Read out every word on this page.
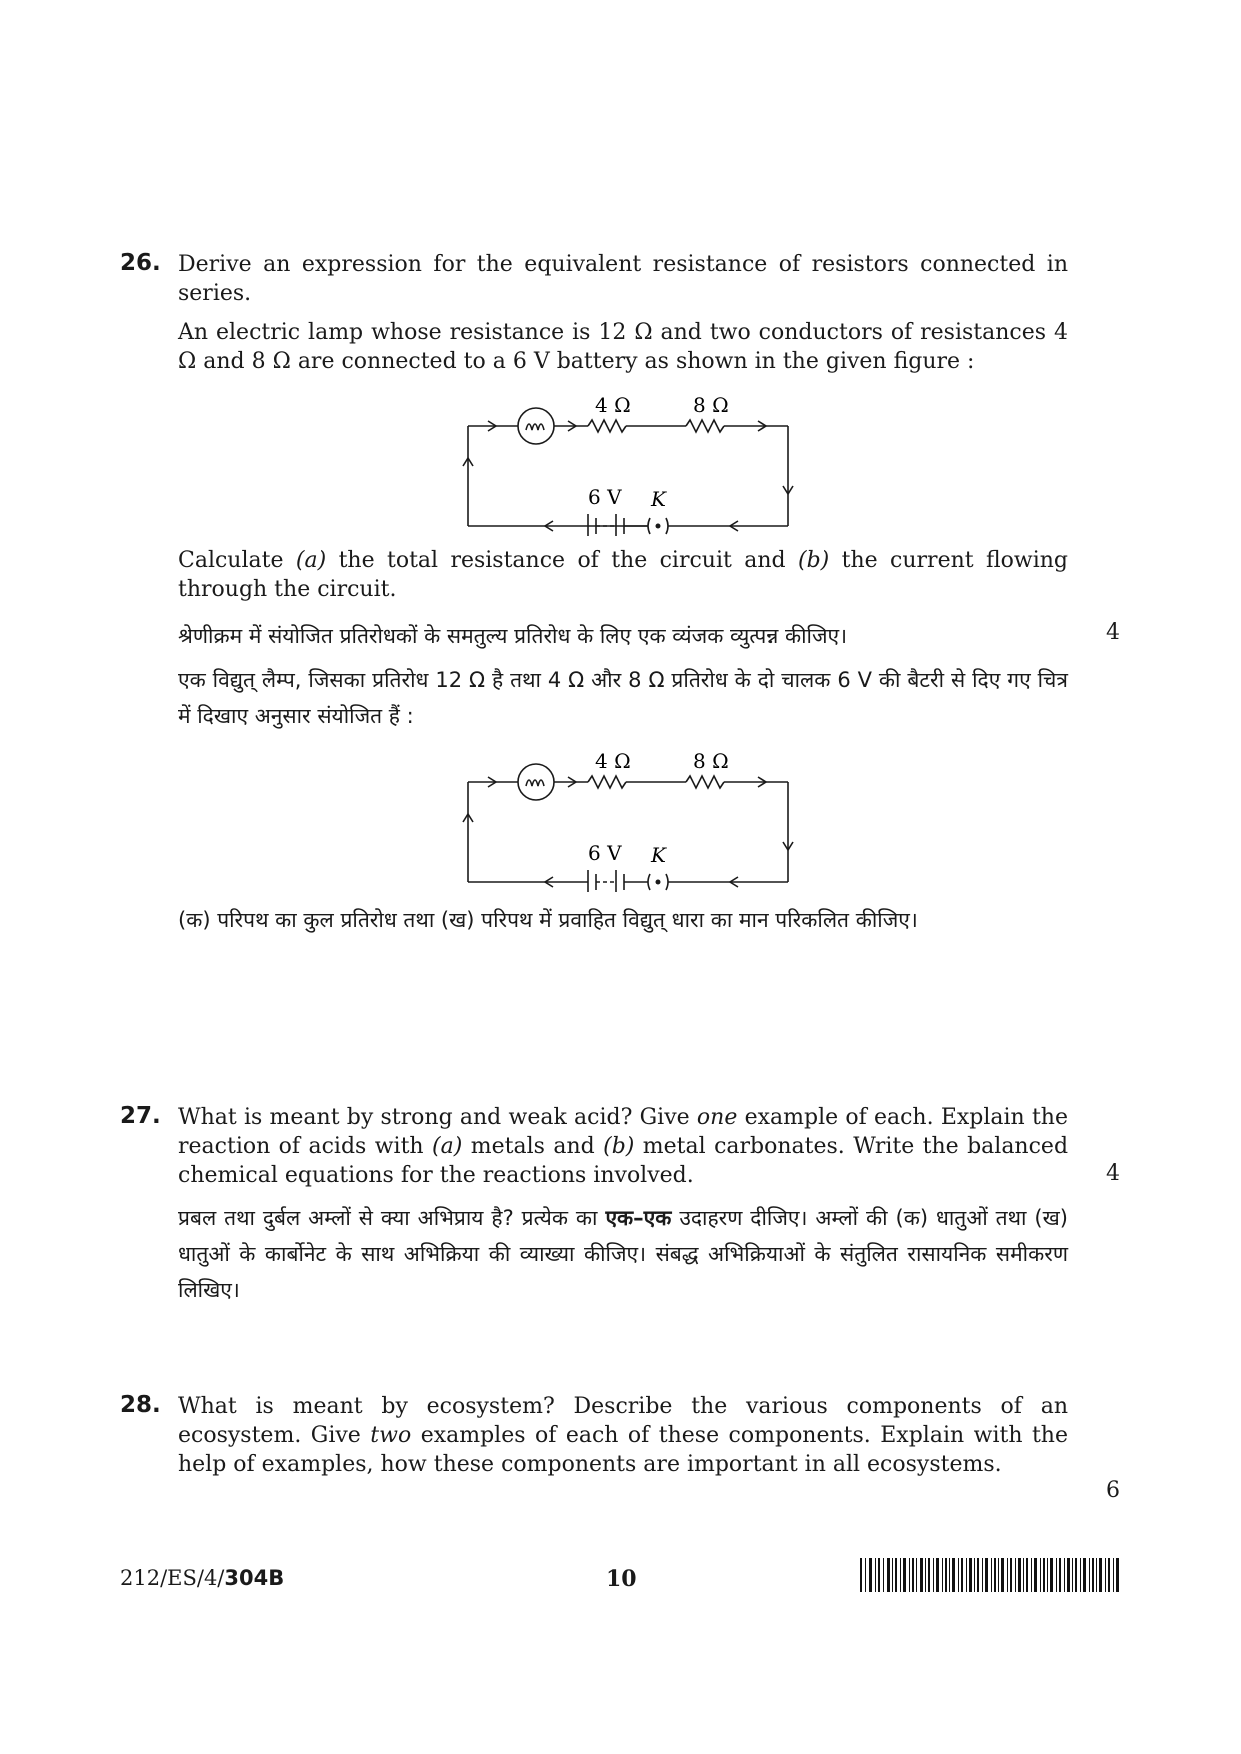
26. Derive an expression for the equivalent resistance of resistors connected in series.

An electric lamp whose resistance is 12 Ω and two conductors of resistances 4 Ω and 8 Ω are connected to a 6 V battery as shown in the given figure :

4 Ω	8 Ω
6 V K

Calculate (a) the total resistance of the circuit and (b) the current flowing through the circuit.

श्रेणीक्रम में संयोजित प्रतिरोधकों के समतुल्य प्रतिरोध के लिए एक व्यंजक व्युत्पन्न कीजिए।

एक विद्युत् लैम्प, जिसका प्रतिरोध 12 Ω है तथा 4 Ω और 8 Ω प्रतिरोध के दो चालक 6 V की बैटरी से दिए गए चित्र में दिखाए अनुसार संयोजित हैं :

4 Ω	8 Ω
6 V K

(क) परिपथ का कुल प्रतिरोध तथा (ख) परिपथ में प्रवाहित विद्युत् धारा का मान परिकलित कीजिए।

4
27. What is meant by strong and weak acid? Give one example of each. Explain the reaction of acids with (a) metals and (b) metal carbonates. Write the balanced chemical equations for the reactions involved.

प्रबल तथा दुर्बल अम्लों से क्या अभिप्राय है? प्रत्येक का एक–एक उदाहरण दीजिए। अम्लों की (क) धातुओं तथा (ख) धातुओं के कार्बोनेट के साथ अभिक्रिया की व्याख्या कीजिए। संबद्ध अभिक्रियाओं के संतुलित रासायनिक समीकरण लिखिए।

4
28. What is meant by ecosystem? Describe the various components of an ecosystem. Give two examples of each of these components. Explain with the help of examples, how these components are important in all ecosystems.

6
212/ES/4/304B	10
